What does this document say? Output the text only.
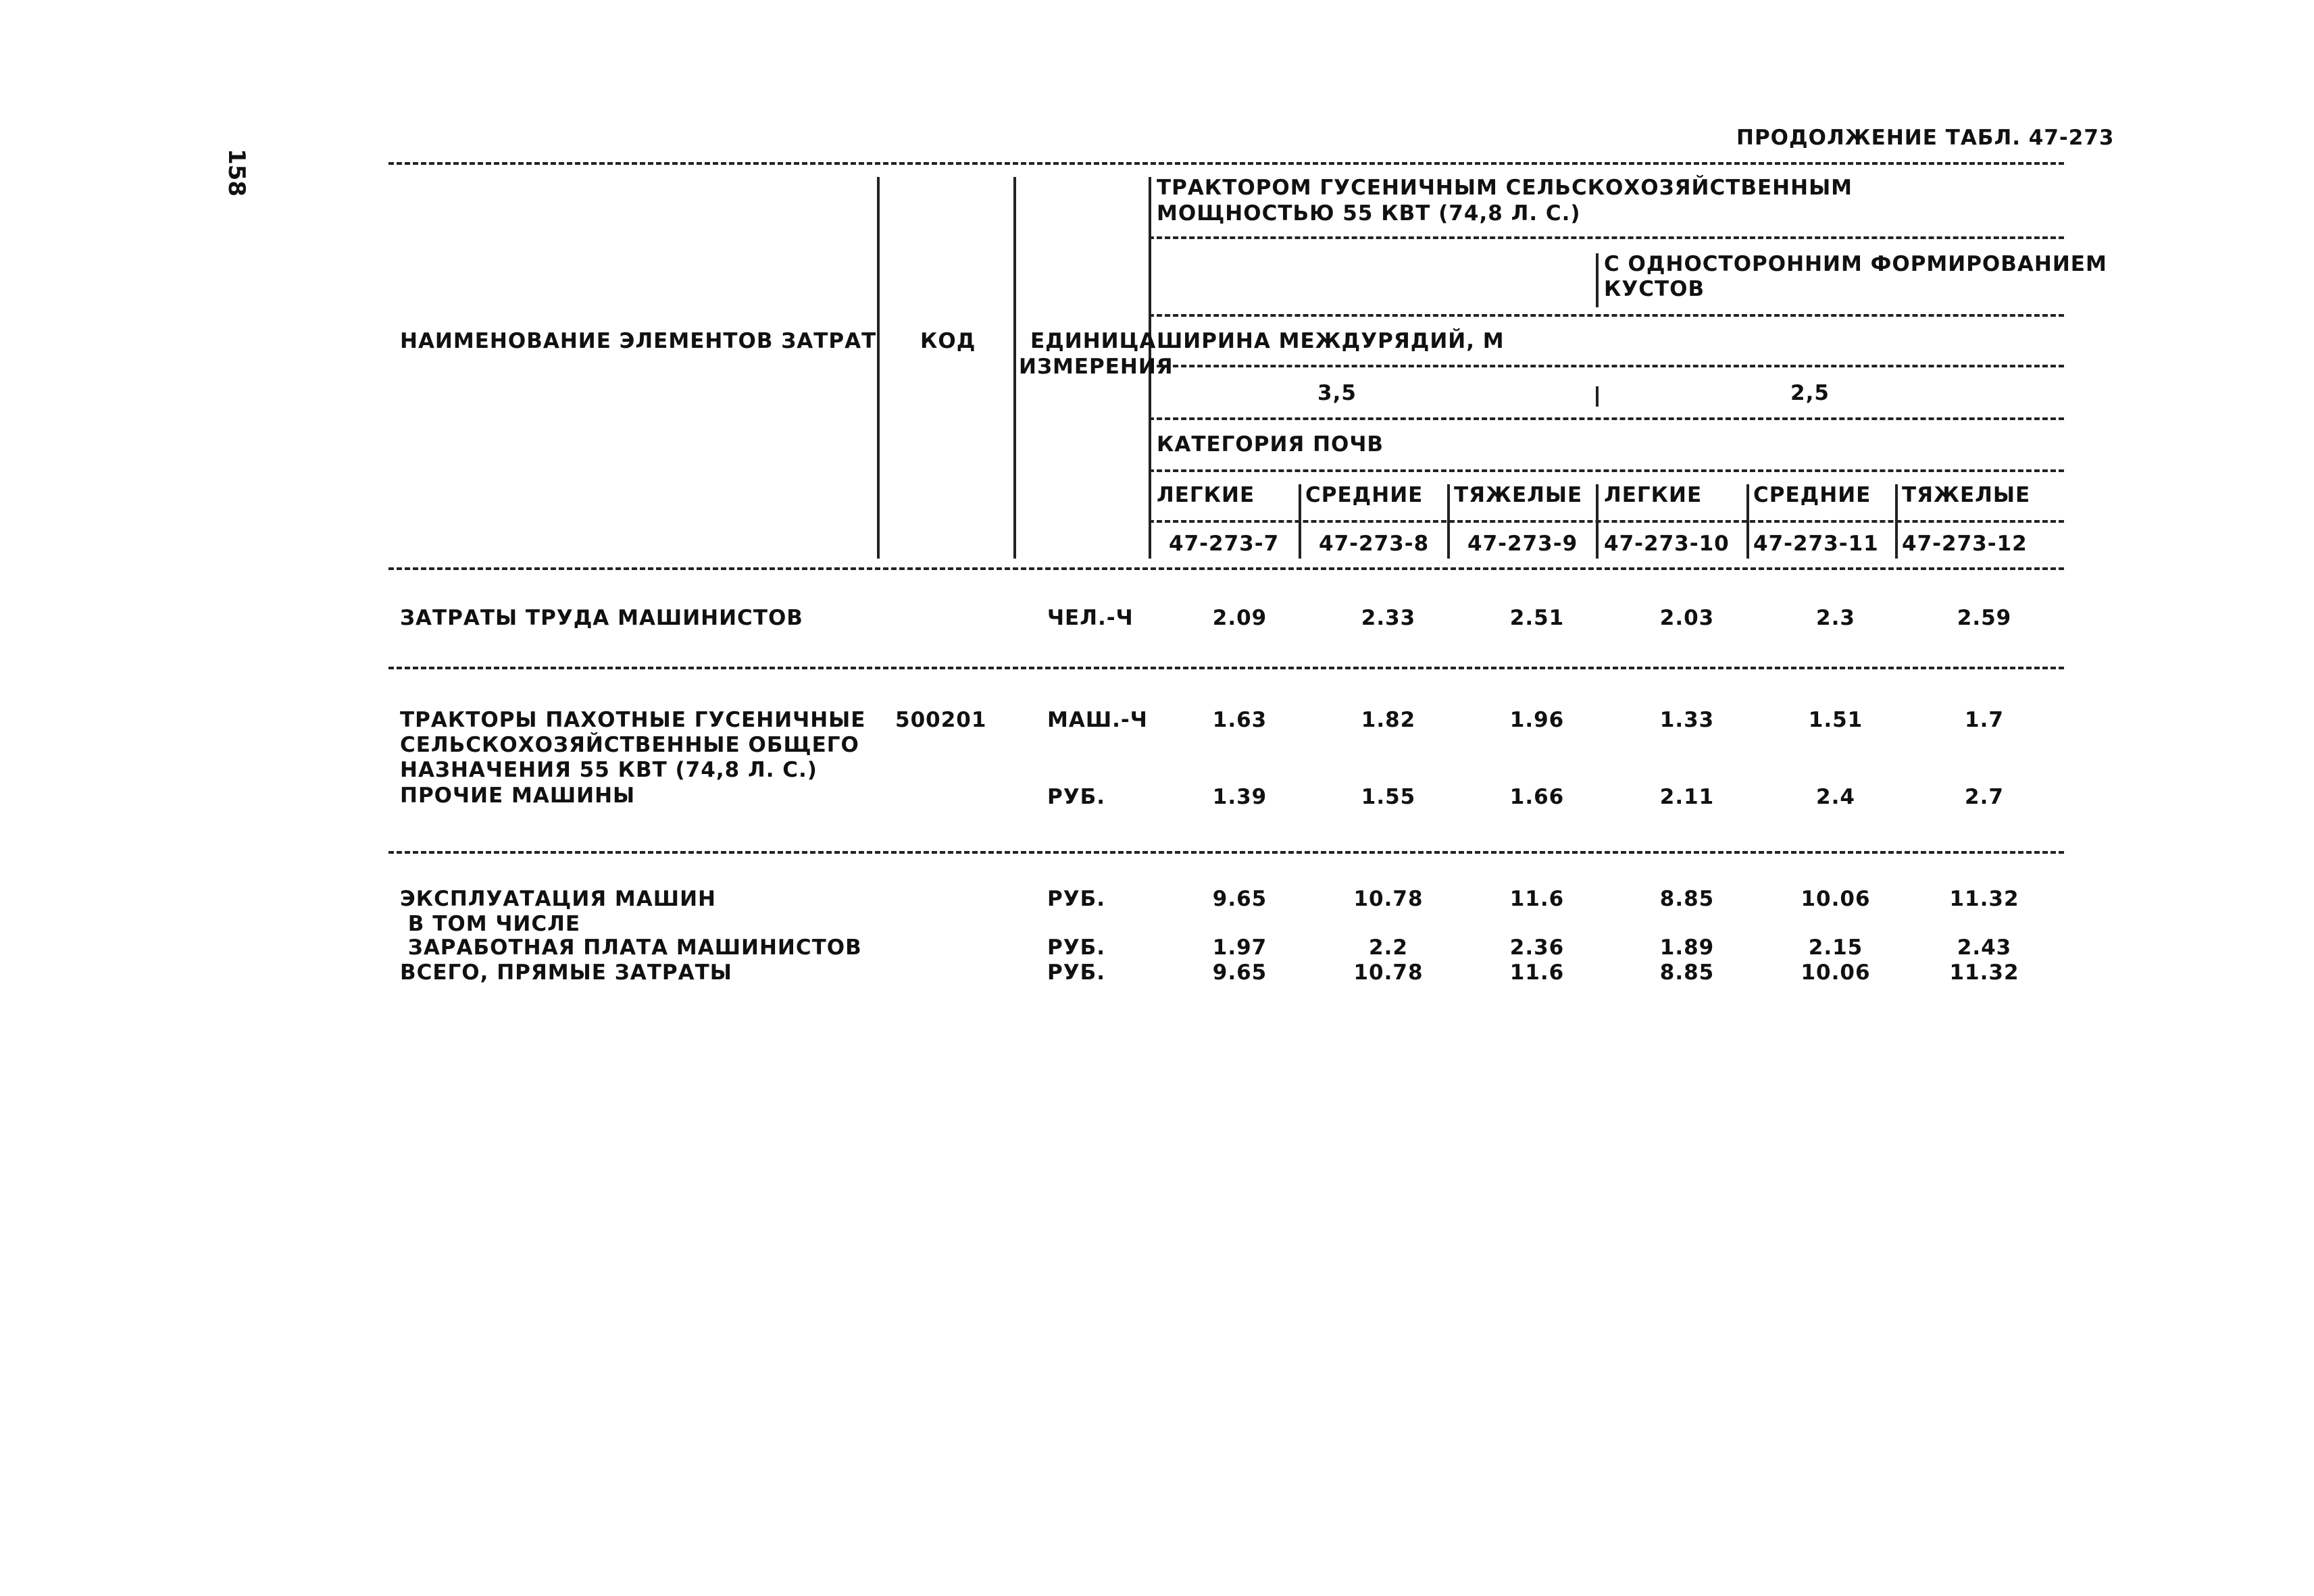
158
ПРОДОЛЖЕНИЕ ТАБЛ. 47-273
НАИМЕНОВАНИЕ ЭЛЕМЕНТОВ ЗАТРАТ КОД	ЕДИНИЦА
ИЗМЕРЕНИЯ
ТРАКТОРОМ ГУСЕНИЧНЫМ СЕЛЬСКОХОЗЯЙСТВЕННЫМ
МОЩНОСТЬЮ 55 КВТ (74,8 Л. С.)
С ОДНОСТОРОННИМ ФОРМИРОВАНИЕМ
КУСТОВ
ШИРИНА МЕЖДУРЯДИЙ, М
3,5	2,5
КАТЕГОРИЯ ПОЧВ
ЛЕГКИЕ СРЕДНИЕ ТЯЖЕЛЫЕ ЛЕГКИЕ СРЕДНИЕ ТЯЖЕЛЫЕ
47-273-7 47-273-8 47-273-9 47-273-10 47-273-11 47-273-12
ЗАТРАТЫ ТРУДА МАШИНИСТОВ	ЧЕЛ.-Ч	2.09	2.33	2.51	2.03	2.3	2.59
ТРАКТОРЫ ПАХОТНЫЕ ГУСЕНИЧНЫЕ
СЕЛЬСКОХОЗЯЙСТВЕННЫЕ ОБЩЕГО
НАЗНАЧЕНИЯ 55 КВТ (74,8 Л. С.)
500201	МАШ.-Ч	1.63	1.82	1.96	1.33	1.51	1.7
ПРОЧИЕ МАШИНЫ	РУБ.	1.39	1.55	1.66	2.11	2.4	2.7
ЭКСПЛУАТАЦИЯ МАШИН	РУБ.	9.65	10.78	11.6	8.85	10.06	11.32
В ТОМ ЧИСЛЕ
ЗАРАБОТНАЯ ПЛАТА МАШИНИСТОВ	РУБ.	1.97	2.2	2.36	1.89	2.15	2.43
ВСЕГО, ПРЯМЫЕ ЗАТРАТЫ	РУБ.	9.65	10.78	11.6	8.85	10.06	11.32
